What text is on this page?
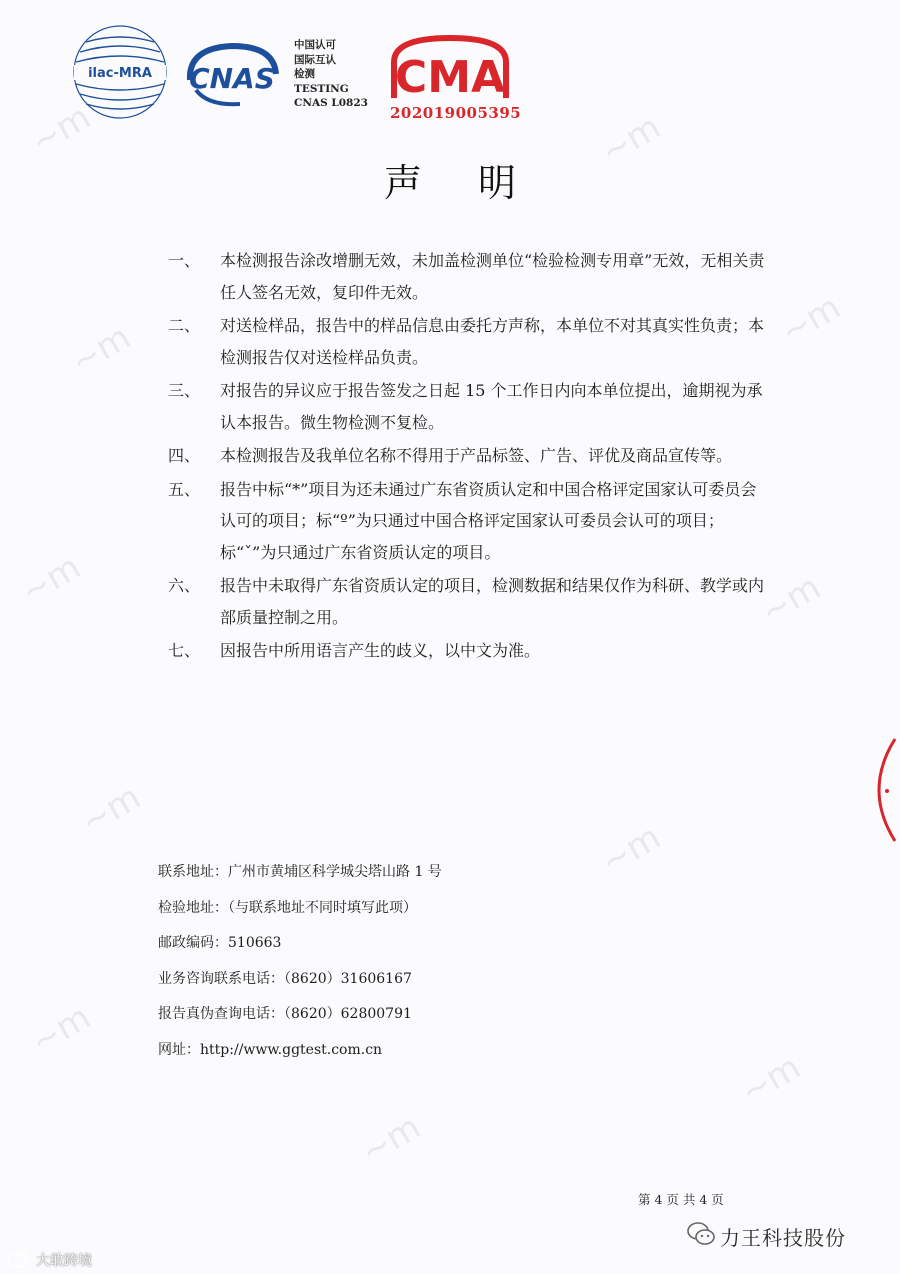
~m	~m
~m	~m
~m	~m
~m
~m
~m
~m
~m
ilac-MRA CNAS
中国认可
国际互认
检测
TESTING
CNAS L0823 CMA
202019005395
声明
一、	本检测报告涂改增删无效，未加盖检测单位“检验检测专用章”无效，无相关责任人签名无效，复印件无效。
二、	对送检样品，报告中的样品信息由委托方声称，本单位不对其真实性负责；本检测报告仅对送检样品负责。
三、	对报告的异议应于报告签发之日起 15 个工作日内向本单位提出，逾期视为承认本报告。微生物检测不复检。
四、	本检测报告及我单位名称不得用于产品标签、广告、评优及商品宣传等。
五、	报告中标“*”项目为还未通过广东省资质认定和中国合格评定国家认可委员会认可的项目；标“º”为只通过中国合格评定国家认可委员会认可的项目；标“ˇ”为只通过广东省资质认定的项目。
六、	报告中未取得广东省资质认定的项目，检测数据和结果仅作为科研、教学或内部质量控制之用。
七、	因报告中所用语言产生的歧义，以中文为准。
联系地址：广州市黄埔区科学城尖塔山路 1 号
检验地址：（与联系地址不同时填写此项）
邮政编码：510663
业务咨询联系电话：（8620）31606167
报告真伪查询电话：（8620）62800791
网址：http://www.ggtest.com.cn
第 4 页 共 4 页
力王科技股份
大敢跨境
